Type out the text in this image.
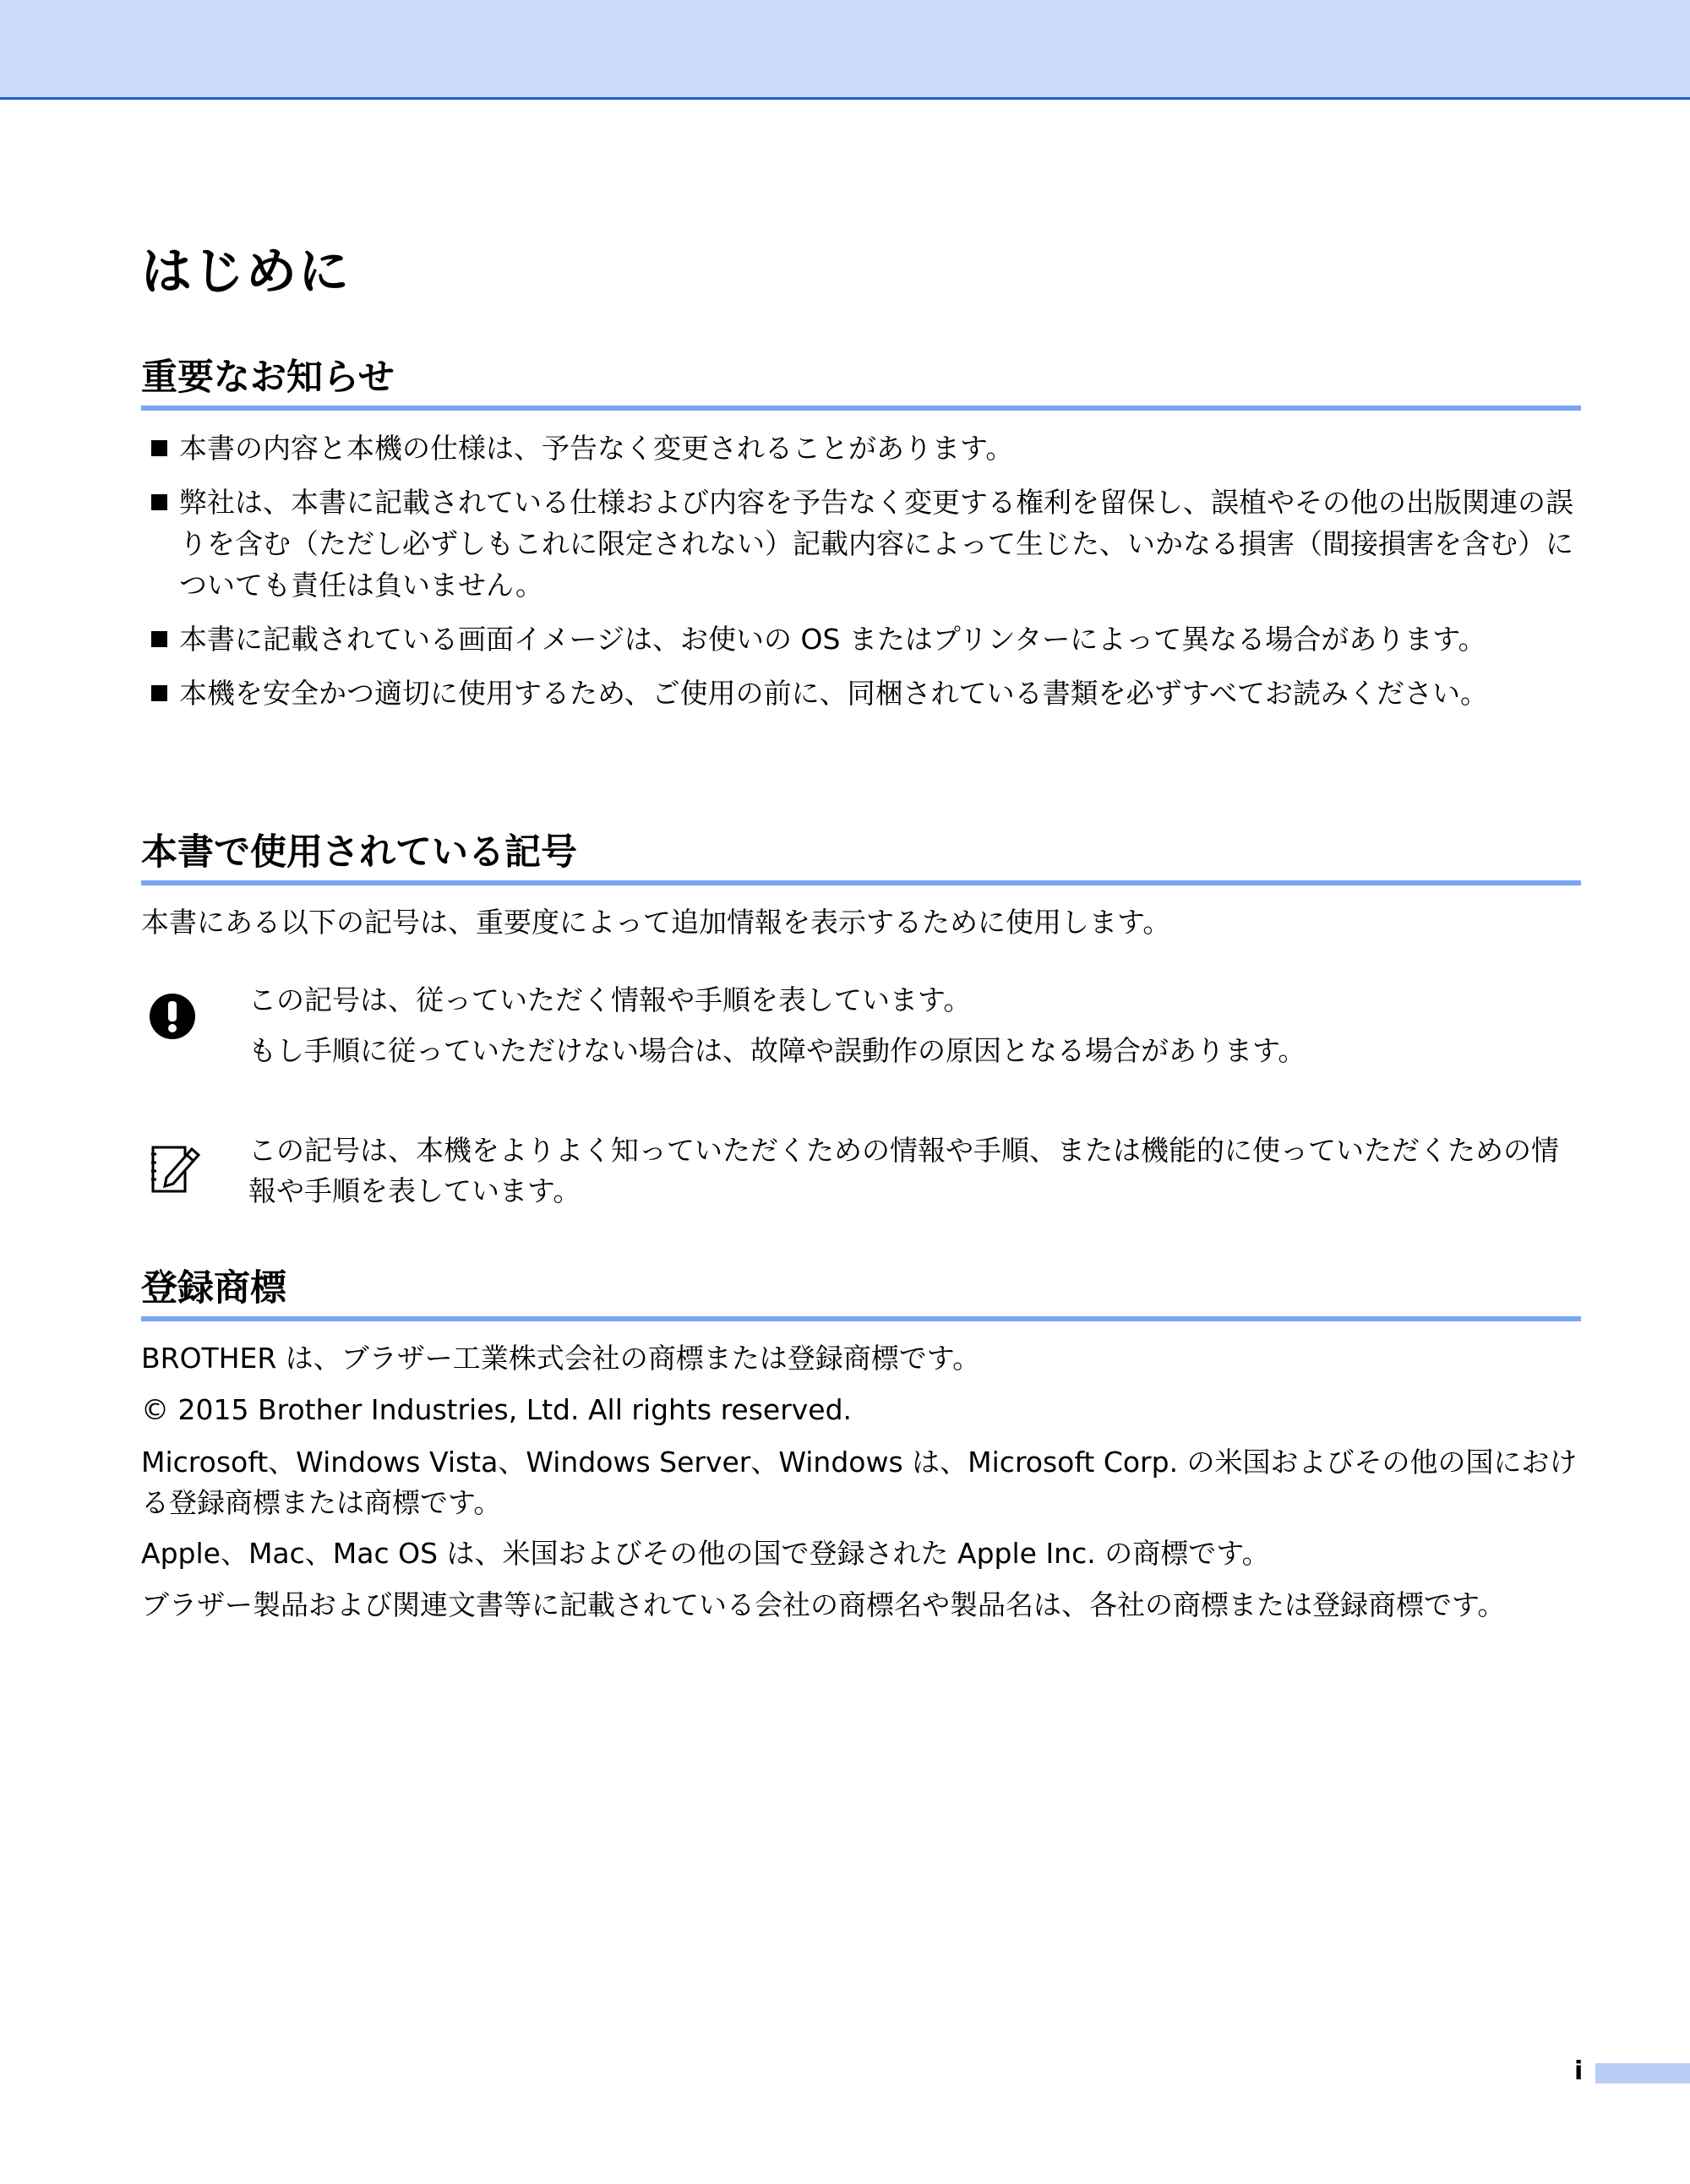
はじめに
重要なお知らせ
本書の内容と本機の仕様は、予告なく変更されることがあります。
弊社は、本書に記載されている仕様および内容を予告なく変更する権利を留保し、誤植やその他の出版関連の誤りを含む（ただし必ずしもこれに限定されない）記載内容によって生じた、いかなる損害（間接損害を含む）についても責任は負いません。
本書に記載されている画面イメージは、お使いの OS またはプリンターによって異なる場合があります。
本機を安全かつ適切に使用するため、ご使用の前に、同梱されている書類を必ずすべてお読みください。
本書で使用されている記号

本書にある以下の記号は、重要度によって追加情報を表示するために使用します。

この記号は、従っていただく情報や手順を表しています。

もし手順に従っていただけない場合は、故障や誤動作の原因となる場合があります。

この記号は、本機をよりよく知っていただくための情報や手順、または機能的に使っていただくための情報や手順を表しています。

登録商標

BROTHER は、ブラザー工業株式会社の商標または登録商標です。

© 2015 Brother Industries, Ltd. All rights reserved.

Microsoft、Windows Vista、Windows Server、Windows は、Microsoft Corp. の米国およびその他の国における登録商標または商標です。

Apple、Mac、Mac OS は、米国およびその他の国で登録された Apple Inc. の商標です。

ブラザー製品および関連文書等に記載されている会社の商標名や製品名は、各社の商標または登録商標です。

i
